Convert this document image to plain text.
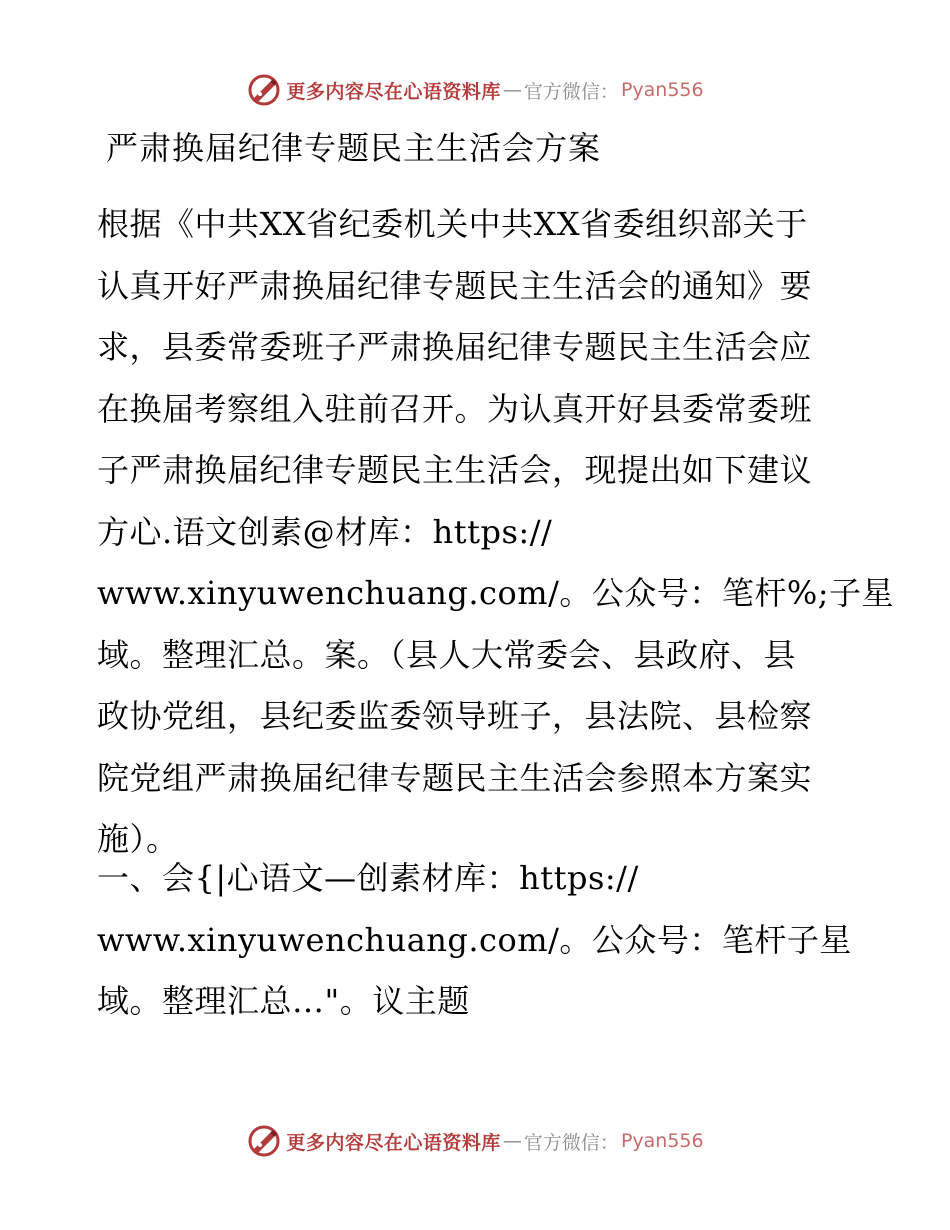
更多内容尽在心语资料库 — 官方微信： Pyan556
严肃换届纪律专题民主生活会方案
根据《中共XX省纪委机关中共XX省委组织部关于
认真开好严肃换届纪律专题民主生活会的通知》要
求，县委常委班子严肃换届纪律专题民主生活会应
在换届考察组入驻前召开。为认真开好县委常委班
子严肃换届纪律专题民主生活会，现提出如下建议
方心.语文创素@材库：https://
www.xinyuwenchuang.com/。公众号：笔杆%;子星
域。整理汇总。案。（县人大常委会、县政府、县
政协党组，县纪委监委领导班子，县法院、县检察
院党组严肃换届纪律专题民主生活会参照本方案实
施）。
一、会{|心语文—创素材库：https://
www.xinyuwenchuang.com/。公众号：笔杆子星
域。整理汇总…"。议主题
更多内容尽在心语资料库 — 官方微信： Pyan556
